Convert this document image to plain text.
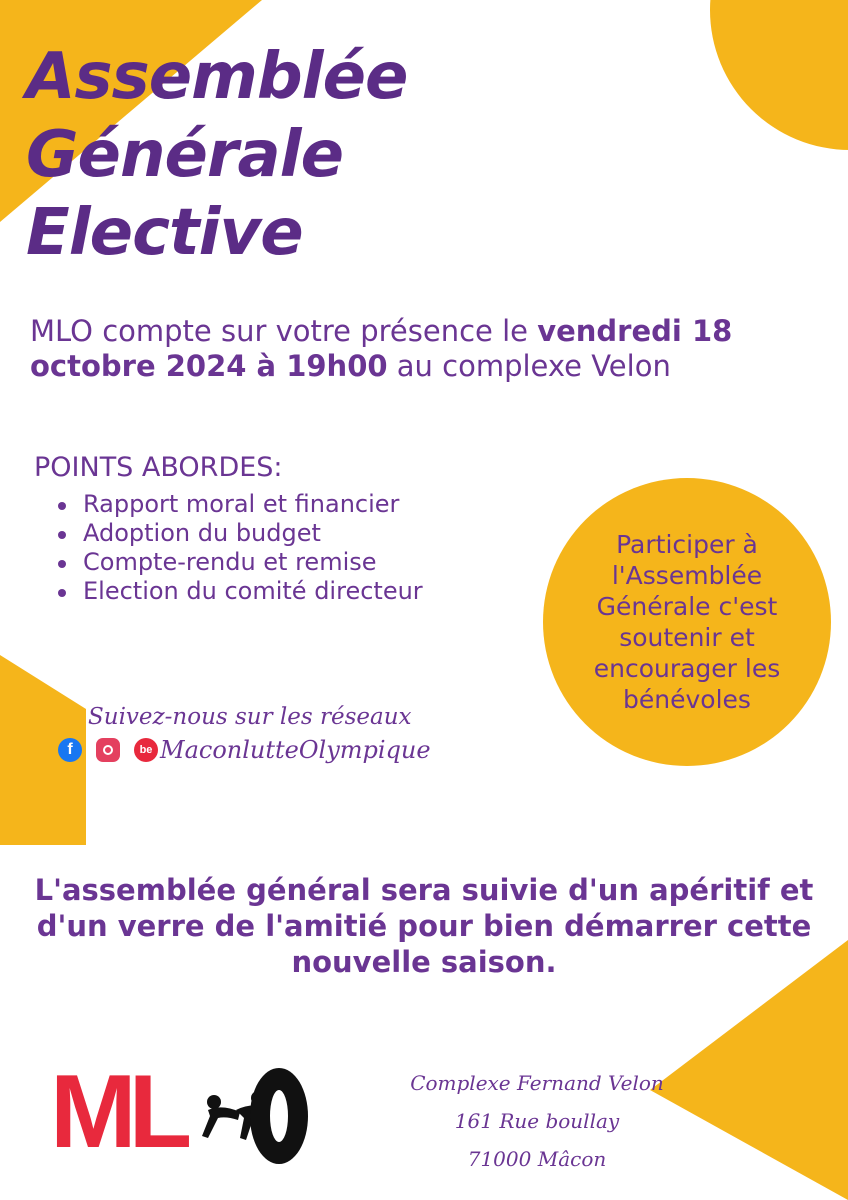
Assemblée
Générale
Elective
MLO compte sur votre présence le vendredi 18 octobre 2024 à 19h00 au complexe Velon
POINTS ABORDES:
Rapport moral et financier
Adoption du budget
Compte-rendu et remise
Election du comité directeur
Participer à l'Assemblée Générale c'est soutenir et encourager les bénévoles
Suivez-nous sur les réseaux
f	be MaconlutteOlympique
L'assemblée général sera suivie d'un apéritif et d'un verre de l'amitié pour bien démarrer cette nouvelle saison.
ML	Complexe Fernand Velon
161 Rue boullay
71000 Mâcon
